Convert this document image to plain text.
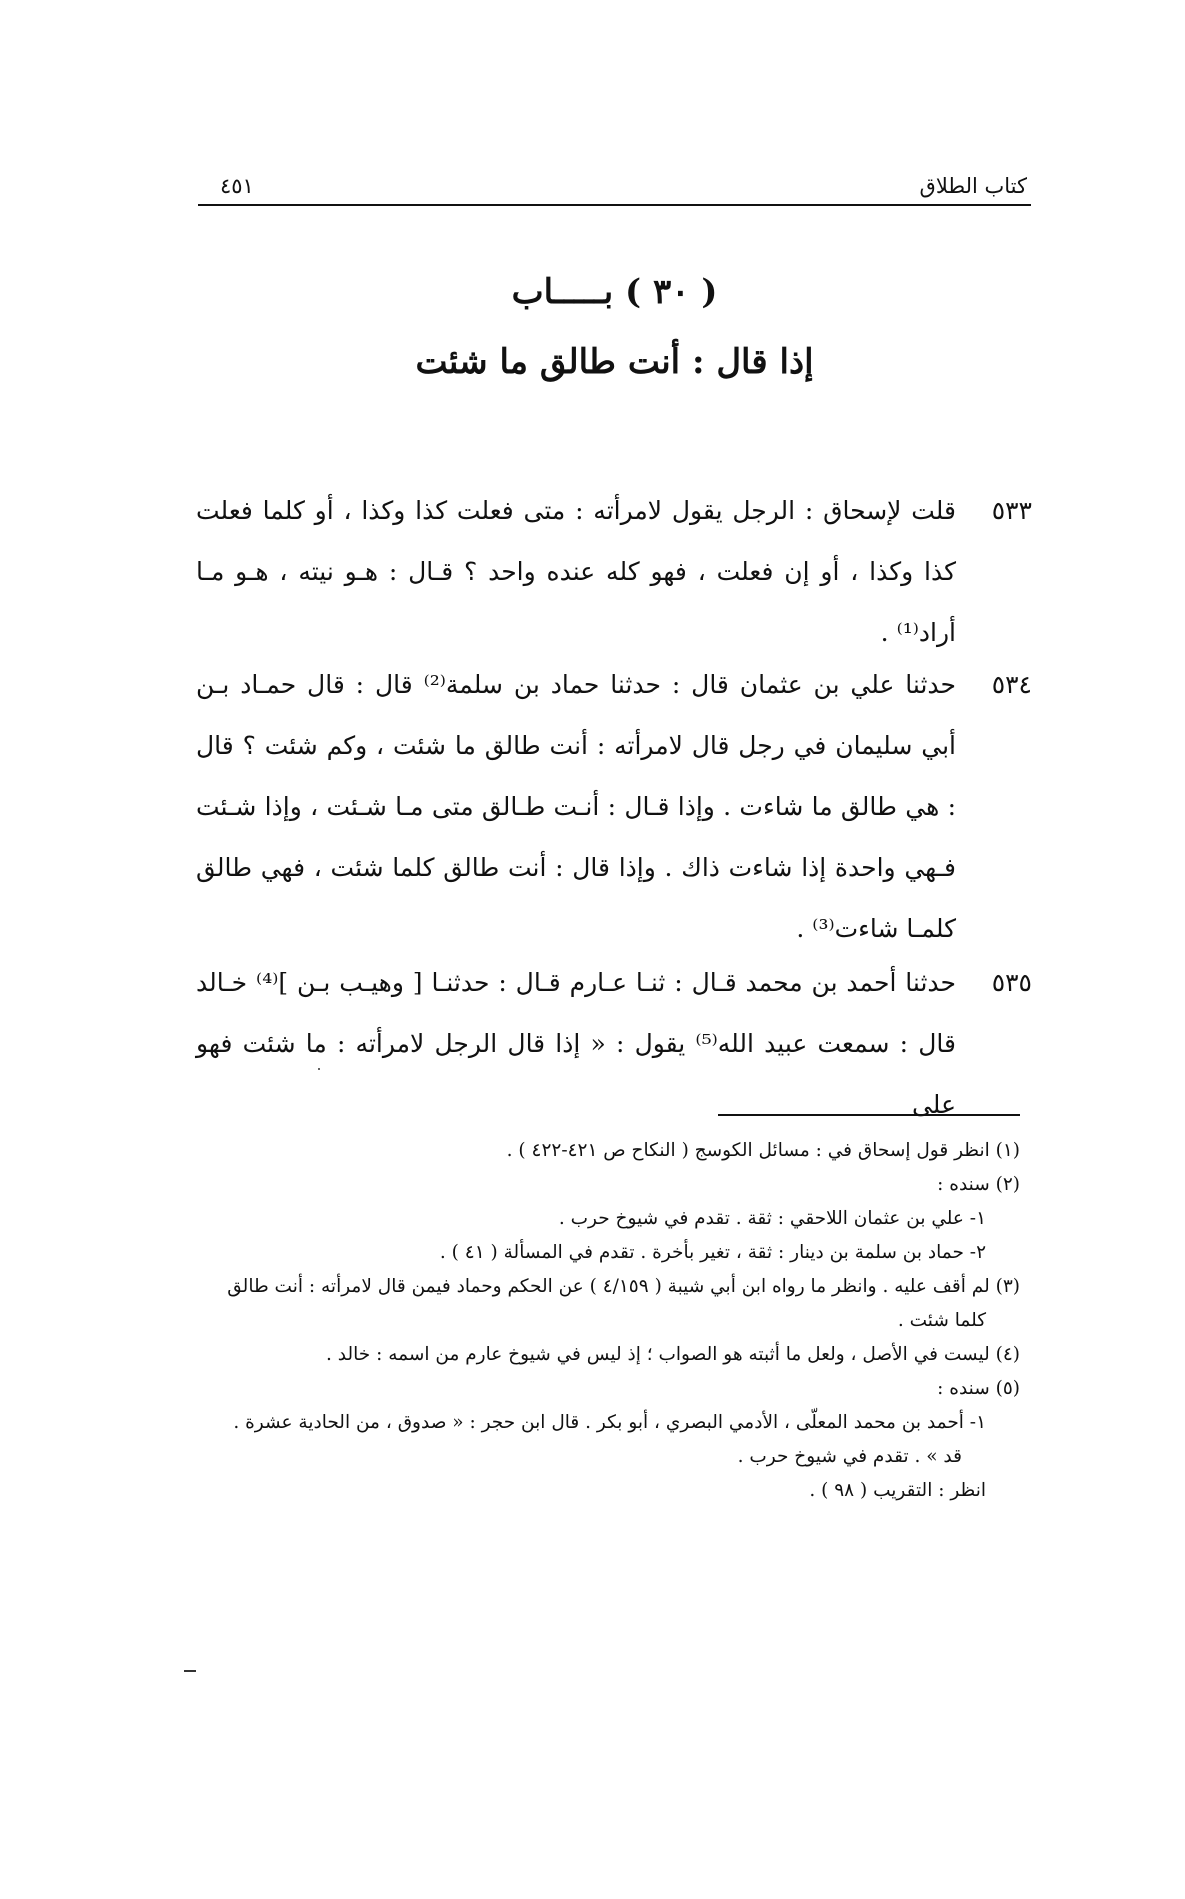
كتاب الطلاق
٤٥١
( ٣٠ ) بـــــاب
إذا قال : أنت طالق ما شئت
٥٣٣
قلت لإسحاق : الرجل يقول لامرأته : متى فعلت كذا وكذا ، أو كلما فعلت كذا وكذا ، أو إن فعلت ، فهو كله عنده واحد ؟ قـال : هـو نيته ، هـو مـا أراد⁽¹⁾ .
٥٣٤
حدثنا علي بن عثمان قال : حدثنا حماد بن سلمة⁽²⁾ قال : قال حمـاد بـن أبي سليمان في رجل قال لامرأته : أنت طالق ما شئت ، وكم شئت ؟ قال : هي طالق ما شاءت . وإذا قـال : أنـت طـالق متى مـا شـئت ، وإذا شـئت فـهي واحدة إذا شاءت ذاك . وإذا قال : أنت طالق كلما شئت ، فهي طالق كلمـا شاءت⁽³⁾ .
٥٣٥
حدثنا أحمد بن محمد قـال : ثنـا عـارم قـال : حدثنـا [ وهيـب بـن ]⁽⁴⁾ خـالد قال : سمعت عبيد الله⁽⁵⁾ يقول : « إذا قال الرجل لامرأته : ما شئت فهو على
(١) انظر قول إسحاق في : مسائل الكوسج ( النكاح ص ٤٢١-٤٢٢ ) .
(٢) سنده :
١- علي بن عثمان اللاحقي : ثقة . تقدم في شيوخ حرب .
٢- حماد بن سلمة بن دينار : ثقة ، تغير بأخرة . تقدم في المسألة ( ٤١ ) .
(٣) لم أقف عليه . وانظر ما رواه ابن أبي شيبة ( ٤/١٥٩ ) عن الحكم وحماد فيمن قال لامرأته : أنت طالق
كلما شئت .
(٤) ليست في الأصل ، ولعل ما أثبته هو الصواب ؛ إذ ليس في شيوخ عارم من اسمه : خالد .
(٥) سنده :
١- أحمد بن محمد المعلّى ، الأدمي البصري ، أبو بكر . قال ابن حجر : « صدوق ، من الحادية عشرة .
قد » . تقدم في شيوخ حرب .
انظر : التقريب ( ٩٨ ) .
